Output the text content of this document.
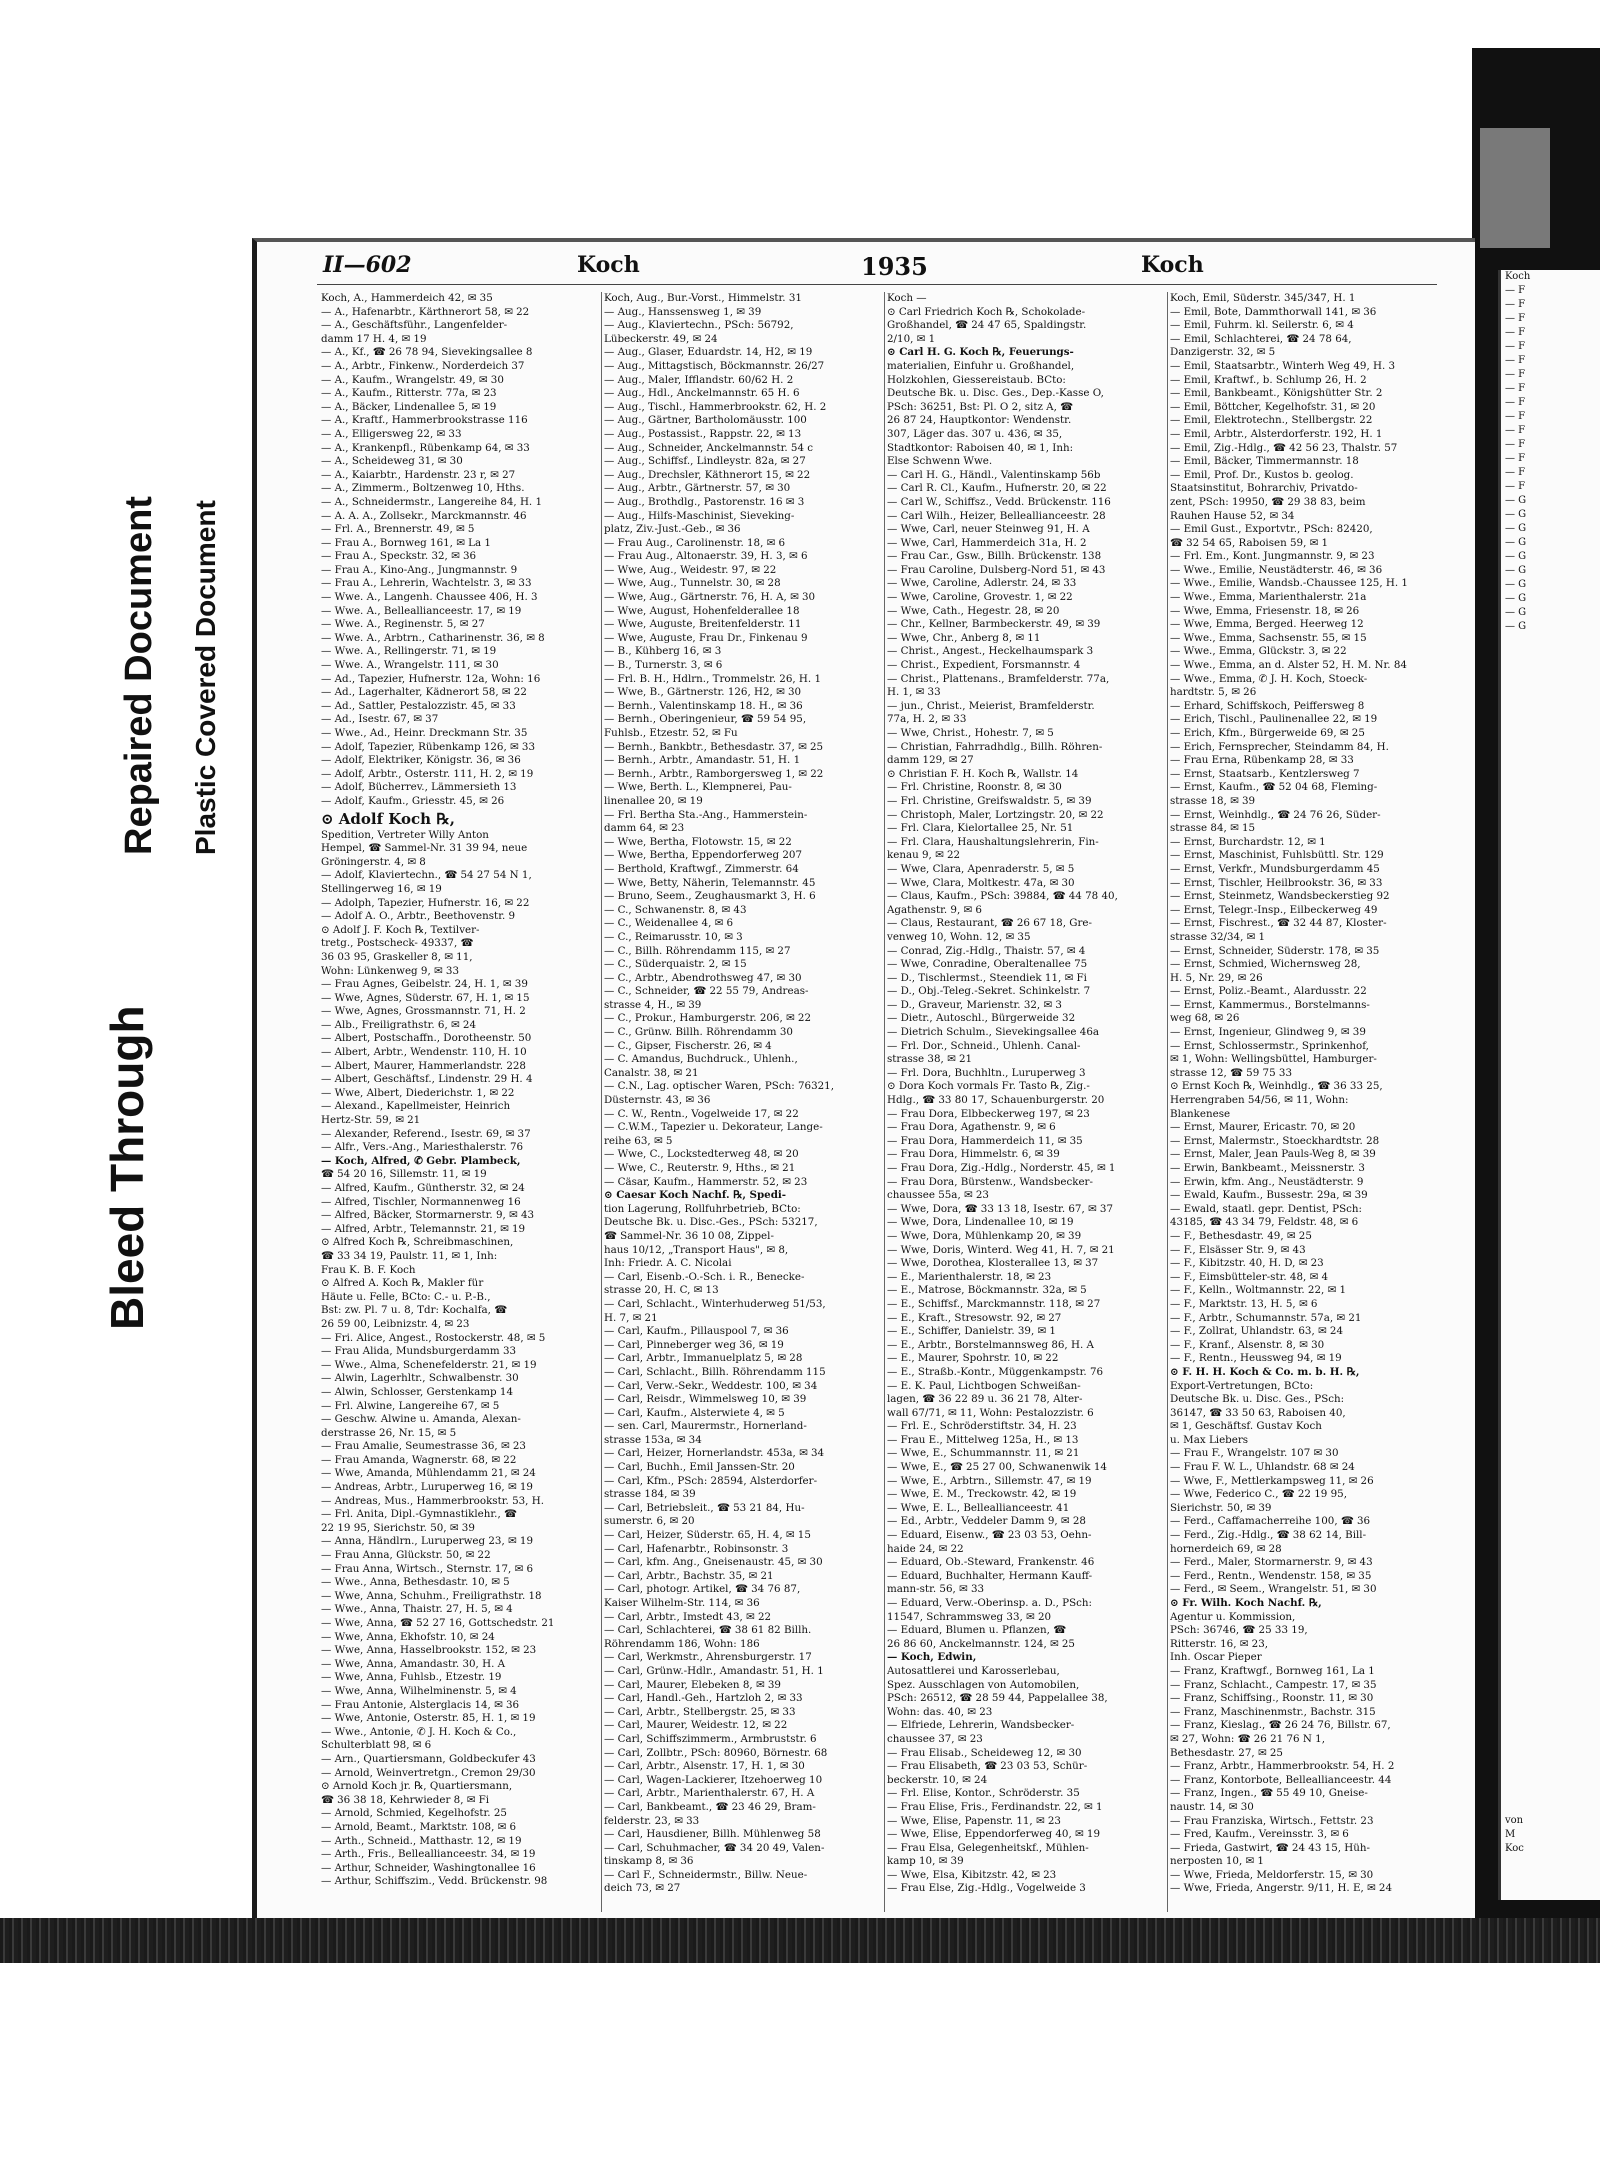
Bleed Through
Repaired Document Plastic Covered Document
Koch
— F
— F
— F
— F
— F
— F
— F
— F
— F
— F
— F
— F
— F
— F
— F
— G
— G
— G
— G
— G
— G
— G
— G
— G
— G
von
M
Koc
II—602	Koch	1935	Koch
Koch, A., Hammerdeich 42, ✉ 35
— A., Hafenarbtr., Kärthnerort 58, ✉ 22
— A., Geschäftsführ., Langenfelder-
damm 17 H. 4, ✉ 19
— A., Kf., ☎ 26 78 94, Sievekingsallee 8
— A., Arbtr., Finkenw., Norderdeich 37
— A., Kaufm., Wrangelstr. 49, ✉ 30
— A., Kaufm., Ritterstr. 77a, ✉ 23
— A., Bäcker, Lindenallee 5, ✉ 19
— A., Kraftf., Hammerbrookstrasse 116
— A., Elligersweg 22, ✉ 33
— A., Krankenpfl., Rübenkamp 64, ✉ 33
— A., Scheideweg 31, ✉ 30
— A., Kaiarbtr., Hardenstr. 23 r, ✉ 27
— A., Zimmerm., Boltzenweg 10, Hths.
— A., Schneidermstr., Langereihe 84, H. 1
— A. A. A., Zollsekr., Marckmannstr. 46
— Frl. A., Brennerstr. 49, ✉ 5
— Frau A., Bornweg 161, ✉ La 1
— Frau A., Speckstr. 32, ✉ 36
— Frau A., Kino-Ang., Jungmannstr. 9
— Frau A., Lehrerin, Wachtelstr. 3, ✉ 33
— Wwe. A., Langenh. Chaussee 406, H. 3
— Wwe. A., Belleallianceestr. 17, ✉ 19
— Wwe. A., Reginenstr. 5, ✉ 27
— Wwe. A., Arbtrn., Catharinenstr. 36, ✉ 8
— Wwe. A., Rellingerstr. 71, ✉ 19
— Wwe. A., Wrangelstr. 111, ✉ 30
— Ad., Tapezier, Hufnerstr. 12a, Wohn: 16
— Ad., Lagerhalter, Kädnerort 58, ✉ 22
— Ad., Sattler, Pestalozzistr. 45, ✉ 33
— Ad., Isestr. 67, ✉ 37
— Wwe., Ad., Heinr. Dreckmann Str. 35
— Adolf, Tapezier, Rübenkamp 126, ✉ 33
— Adolf, Elektriker, Königstr. 36, ✉ 36
— Adolf, Arbtr., Osterstr. 111, H. 2, ✉ 19
— Adolf, Bücherrev., Lämmersieth 13
— Adolf, Kaufm., Griesstr. 45, ✉ 26
⊙ Adolf Koch ℞,
Spedition, Vertreter Willy Anton
Hempel, ☎ Sammel-Nr. 31 39 94, neue
Gröningerstr. 4, ✉ 8
— Adolf, Klaviertechn., ☎ 54 27 54 N 1,
Stellingerweg 16, ✉ 19
— Adolph, Tapezier, Hufnerstr. 16, ✉ 22
— Adolf A. O., Arbtr., Beethovenstr. 9
⊙ Adolf J. F. Koch ℞, Textilver-
tretg., Postscheck- 49337, ☎
36 03 95, Graskeller 8, ✉ 11,
Wohn: Lünkenweg 9, ✉ 33
— Frau Agnes, Geibelstr. 24, H. 1, ✉ 39
— Wwe, Agnes, Süderstr. 67, H. 1, ✉ 15
— Wwe, Agnes, Grossmannstr. 71, H. 2
— Alb., Freiligrathstr. 6, ✉ 24
— Albert, Postschaffn., Dorotheenstr. 50
— Albert, Arbtr., Wendenstr. 110, H. 10
— Albert, Maurer, Hammerlandstr. 228
— Albert, Geschäftsf., Lindenstr. 29 H. 4
— Wwe, Albert, Diederichstr. 1, ✉ 22
— Alexand., Kapellmeister, Heinrich
Hertz-Str. 59, ✉ 21
— Alexander, Referend., Isestr. 69, ✉ 37
— Alfr., Vers.-Ang., Mariesthalerstr. 76
— Koch, Alfred, ✆ Gebr. Plambeck,
☎ 54 20 16, Sillemstr. 11, ✉ 19
— Alfred, Kaufm., Güntherstr. 32, ✉ 24
— Alfred, Tischler, Normannenweg 16
— Alfred, Bäcker, Stormarnerstr. 9, ✉ 43
— Alfred, Arbtr., Telemannstr. 21, ✉ 19
⊙ Alfred Koch ℞, Schreibmaschinen,
☎ 33 34 19, Paulstr. 11, ✉ 1, Inh:
Frau K. B. F. Koch
⊙ Alfred A. Koch ℞, Makler für
Häute u. Felle, BCto: C.- u. P.-B.,
Bst: zw. Pl. 7 u. 8, Tdr: Kochalfa, ☎
26 59 00, Leibnizstr. 4, ✉ 23
— Fri. Alice, Angest., Rostockerstr. 48, ✉ 5
— Frau Alida, Mundsburgerdamm 33
— Wwe., Alma, Schenefelderstr. 21, ✉ 19
— Alwin, Lagerhltr., Schwalbenstr. 30
— Alwin, Schlosser, Gerstenkamp 14
— Frl. Alwine, Langereihe 67, ✉ 5
— Geschw. Alwine u. Amanda, Alexan-
derstrasse 26, Nr. 15, ✉ 5
— Frau Amalie, Seumestrasse 36, ✉ 23
— Frau Amanda, Wagnerstr. 68, ✉ 22
— Wwe, Amanda, Mühlendamm 21, ✉ 24
— Andreas, Arbtr., Luruperweg 16, ✉ 19
— Andreas, Mus., Hammerbrookstr. 53, H.
— Frl. Anita, Dipl.-Gymnastiklehr., ☎
22 19 95, Sierichstr. 50, ✉ 39
— Anna, Händlrn., Luruperweg 23, ✉ 19
— Frau Anna, Glückstr. 50, ✉ 22
— Frau Anna, Wirtsch., Sternstr. 17, ✉ 6
— Wwe., Anna, Bethesdastr. 10, ✉ 5
— Wwe, Anna, Schuhm., Freiligrathstr. 18
— Wwe., Anna, Thaistr. 27, H. 5, ✉ 4
— Wwe, Anna, ☎ 52 27 16, Gottschedstr. 21
— Wwe, Anna, Ekhofstr. 10, ✉ 24
— Wwe, Anna, Hasselbrookstr. 152, ✉ 23
— Wwe, Anna, Amandastr. 30, H. A
— Wwe, Anna, Fuhlsb., Etzestr. 19
— Wwe, Anna, Wilhelminenstr. 5, ✉ 4
— Frau Antonie, Alsterglacis 14, ✉ 36
— Wwe, Antonie, Osterstr. 85, H. 1, ✉ 19
— Wwe., Antonie, ✆ J. H. Koch & Co.,
Schulterblatt 98, ✉ 6
— Arn., Quartiersmann, Goldbeckufer 43
— Arnold, Weinvertretgn., Cremon 29/30
⊙ Arnold Koch jr. ℞, Quartiersmann,
☎ 36 38 18, Kehrwieder 8, ✉ Fi
— Arnold, Schmied, Kegelhofstr. 25
— Arnold, Beamt., Marktstr. 108, ✉ 6
— Arth., Schneid., Matthastr. 12, ✉ 19
— Arth., Fris., Belleallianceestr. 34, ✉ 19
— Arthur, Schneider, Washingtonallee 16
— Arthur, Schiffszim., Vedd. Brückenstr. 98
Koch, Aug., Bur.-Vorst., Himmelstr. 31
— Aug., Hanssensweg 1, ✉ 39
— Aug., Klaviertechn., PSch: 56792,
Lübeckerstr. 49, ✉ 24
— Aug., Glaser, Eduardstr. 14, H2, ✉ 19
— Aug., Mittagstisch, Böckmannstr. 26/27
— Aug., Maler, Ifflandstr. 60/62 H. 2
— Aug., Hdl., Anckelmannstr. 65 H. 6
— Aug., Tischl., Hammerbrookstr. 62, H. 2
— Aug., Gärtner, Bartholomäusstr. 100
— Aug., Postassist., Rappstr. 22, ✉ 13
— Aug., Schneider, Anckelmannstr. 54 c
— Aug., Schiffsf., Lindleystr. 82a, ✉ 27
— Aug., Drechsler, Käthnerort 15, ✉ 22
— Aug., Arbtr., Gärtnerstr. 57, ✉ 30
— Aug., Brothdlg., Pastorenstr. 16 ✉ 3
— Aug., Hilfs-Maschinist, Sieveking-
platz, Ziv.-Just.-Geb., ✉ 36
— Frau Aug., Carolinenstr. 18, ✉ 6
— Frau Aug., Altonaerstr. 39, H. 3, ✉ 6
— Wwe, Aug., Weidestr. 97, ✉ 22
— Wwe, Aug., Tunnelstr. 30, ✉ 28
— Wwe, Aug., Gärtnerstr. 76, H. A, ✉ 30
— Wwe, August, Hohenfelderallee 18
— Wwe, Auguste, Breitenfelderstr. 11
— Wwe, Auguste, Frau Dr., Finkenau 9
— B., Kühberg 16, ✉ 3
— B., Turnerstr. 3, ✉ 6
— Frl. B. H., Hdlrn., Trommelstr. 26, H. 1
— Wwe, B., Gärtnerstr. 126, H2, ✉ 30
— Bernh., Valentinskamp 18. H., ✉ 36
— Bernh., Oberingenieur, ☎ 59 54 95,
Fuhlsb., Etzestr. 52, ✉ Fu
— Bernh., Bankbtr., Bethesdastr. 37, ✉ 25
— Bernh., Arbtr., Amandastr. 51, H. 1
— Bernh., Arbtr., Ramborgersweg 1, ✉ 22
— Wwe, Berth. L., Klempnerei, Pau-
linenallee 20, ✉ 19
— Frl. Bertha Sta.-Ang., Hammerstein-
damm 64, ✉ 23
— Wwe, Bertha, Flotowstr. 15, ✉ 22
— Wwe, Bertha, Eppendorferweg 207
— Berthold, Kraftwgf., Zimmerstr. 64
— Wwe, Betty, Näherin, Telemannstr. 45
— Bruno, Seem., Zeughausmarkt 3, H. 6
— C., Schwanenstr. 8, ✉ 43
— C., Weidenallee 4, ✉ 6
— C., Reimarusstr. 10, ✉ 3
— C., Billh. Röhrendamm 115, ✉ 27
— C., Süderquaistr. 2, ✉ 15
— C., Arbtr., Abendrothsweg 47, ✉ 30
— C., Schneider, ☎ 22 55 79, Andreas-
strasse 4, H., ✉ 39
— C., Prokur., Hamburgerstr. 206, ✉ 22
— C., Grünw. Billh. Röhrendamm 30
— C., Gipser, Fischerstr. 26, ✉ 4
— C. Amandus, Buchdruck., Uhlenh.,
Canalstr. 38, ✉ 21
— C.N., Lag. optischer Waren, PSch: 76321,
Düsternstr. 43, ✉ 36
— C. W., Rentn., Vogelweide 17, ✉ 22
— C.W.M., Tapezier u. Dekorateur, Lange-
reihe 63, ✉ 5
— Wwe, C., Lockstedterweg 48, ✉ 20
— Wwe, C., Reuterstr. 9, Hths., ✉ 21
— Cäsar, Kaufm., Hammerstr. 52, ✉ 23
⊙ Caesar Koch Nachf. ℞, Spedi-
tion Lagerung, Rollfuhrbetrieb, BCto:
Deutsche Bk. u. Disc.-Ges., PSch: 53217,
☎ Sammel-Nr. 36 10 08, Zippel-
haus 10/12, „Transport Haus", ✉ 8,
Inh: Friedr. A. C. Nicolai
— Carl, Eisenb.-O.-Sch. i. R., Benecke-
strasse 20, H. C, ✉ 13
— Carl, Schlacht., Winterhuderweg 51/53,
H. 7, ✉ 21
— Carl, Kaufm., Pillauspool 7, ✉ 36
— Carl, Pinneberger weg 36, ✉ 19
— Carl, Arbtr., Immanuelplatz 5, ✉ 28
— Carl, Schlacht., Billh. Röhrendamm 115
— Carl, Verw.-Sekr., Weddestr. 100, ✉ 34
— Carl, Reisdr., Wimmelsweg 10, ✉ 39
— Carl, Kaufm., Alsterwiete 4, ✉ 5
— sen. Carl, Maurermstr., Hornerland-
strasse 153a, ✉ 34
— Carl, Heizer, Hornerlandstr. 453a, ✉ 34
— Carl, Buchh., Emil Janssen-Str. 20
— Carl, Kfm., PSch: 28594, Alsterdorfer-
strasse 184, ✉ 39
— Carl, Betriebsleit., ☎ 53 21 84, Hu-
sumerstr. 6, ✉ 20
— Carl, Heizer, Süderstr. 65, H. 4, ✉ 15
— Carl, Hafenarbtr., Robinsonstr. 3
— Carl, kfm. Ang., Gneisenaustr. 45, ✉ 30
— Carl, Arbtr., Bachstr. 35, ✉ 21
— Carl, photogr. Artikel, ☎ 34 76 87,
Kaiser Wilhelm-Str. 114, ✉ 36
— Carl, Arbtr., Imstedt 43, ✉ 22
— Carl, Schlachterei, ☎ 38 61 82 Billh.
Röhrendamm 186, Wohn: 186
— Carl, Werkmstr., Ahrensburgerstr. 17
— Carl, Grünw.-Hdlr., Amandastr. 51, H. 1
— Carl, Maurer, Elebeken 8, ✉ 39
— Carl, Handl.-Geh., Hartzloh 2, ✉ 33
— Carl, Arbtr., Stellbergstr. 25, ✉ 33
— Carl, Maurer, Weidestr. 12, ✉ 22
— Carl, Schiffszimmerm., Armbruststr. 6
— Carl, Zollbtr., PSch: 80960, Börnestr. 68
— Carl, Arbtr., Alsenstr. 17, H. 1, ✉ 30
— Carl, Wagen-Lackierer, Itzehoerweg 10
— Carl, Arbtr., Marienthalerstr. 67, H. A
— Carl, Bankbeamt., ☎ 23 46 29, Bram-
felderstr. 23, ✉ 33
— Carl, Hausdiener, Billh. Mühlenweg 58
— Carl, Schuhmacher, ☎ 34 20 49, Valen-
tinskamp 8, ✉ 36
— Carl F., Schneidermstr., Billw. Neue-
deich 73, ✉ 27
Koch —
⊙ Carl Friedrich Koch ℞, Schokolade-
Großhandel, ☎ 24 47 65, Spaldingstr.
2/10, ✉ 1
⊙ Carl H. G. Koch ℞, Feuerungs-
materialien, Einfuhr u. Großhandel,
Holzkohlen, Giessereistaub. BCto:
Deutsche Bk. u. Disc. Ges., Dep.-Kasse O,
PSch: 36251, Bst: Pl. O 2, sitz A, ☎
26 87 24, Hauptkontor: Wendenstr.
307, Läger das. 307 u. 436, ✉ 35,
Stadtkontor: Raboisen 40, ✉ 1, Inh:
Else Schwenn Wwe.
— Carl H. G., Händl., Valentinskamp 56b
— Carl R. Cl., Kaufm., Hufnerstr. 20, ✉ 22
— Carl W., Schiffsz., Vedd. Brückenstr. 116
— Carl Wilh., Heizer, Belleallianceestr. 28
— Wwe, Carl, neuer Steinweg 91, H. A
— Wwe, Carl, Hammerdeich 31a, H. 2
— Frau Car., Gsw., Billh. Brückenstr. 138
— Frau Caroline, Dulsberg-Nord 51, ✉ 43
— Wwe, Caroline, Adlerstr. 24, ✉ 33
— Wwe, Caroline, Grovestr. 1, ✉ 22
— Wwe, Cath., Hegestr. 28, ✉ 20
— Chr., Kellner, Barmbeckerstr. 49, ✉ 39
— Wwe, Chr., Anberg 8, ✉ 11
— Christ., Angest., Heckelhaumspark 3
— Christ., Expedient, Forsmannstr. 4
— Christ., Plattenans., Bramfelderstr. 77a,
H. 1, ✉ 33
— jun., Christ., Meierist, Bramfelderstr.
77a, H. 2, ✉ 33
— Wwe, Christ., Hohestr. 7, ✉ 5
— Christian, Fahrradhdlg., Billh. Röhren-
damm 129, ✉ 27
⊙ Christian F. H. Koch ℞, Wallstr. 14
— Frl. Christine, Roonstr. 8, ✉ 30
— Frl. Christine, Greifswaldstr. 5, ✉ 39
— Christoph, Maler, Lortzingstr. 20, ✉ 22
— Frl. Clara, Kielortallee 25, Nr. 51
— Frl. Clara, Haushaltungslehrerin, Fin-
kenau 9, ✉ 22
— Wwe, Clara, Apenraderstr. 5, ✉ 5
— Wwe, Clara, Moltkestr. 47a, ✉ 30
— Claus, Kaufm., PSch: 39884, ☎ 44 78 40,
Agathenstr. 9, ✉ 6
— Claus, Restaurant, ☎ 26 67 18, Gre-
venweg 10, Wohn. 12, ✉ 35
— Conrad, Zig.-Hdlg., Thaistr. 57, ✉ 4
— Wwe, Conradine, Oberaltenallee 75
— D., Tischlermst., Steendiek 11, ✉ Fi
— D., Obj.-Teleg.-Sekret. Schinkelstr. 7
— D., Graveur, Marienstr. 32, ✉ 3
— Dietr., Autoschl., Bürgerweide 32
— Dietrich Schulm., Sievekingsallee 46a
— Frl. Dor., Schneid., Uhlenh. Canal-
strasse 38, ✉ 21
— Frl. Dora, Buchhltn., Luruperweg 3
⊙ Dora Koch vormals Fr. Tasto ℞, Zig.-
Hdlg., ☎ 33 80 17, Schauenburgerstr. 20
— Frau Dora, Elbbeckerweg 197, ✉ 23
— Frau Dora, Agathenstr. 9, ✉ 6
— Frau Dora, Hammerdeich 11, ✉ 35
— Frau Dora, Himmelstr. 6, ✉ 39
— Frau Dora, Zig.-Hdlg., Norderstr. 45, ✉ 1
— Frau Dora, Bürstenw., Wandsbecker-
chaussee 55a, ✉ 23
— Wwe, Dora, ☎ 33 13 18, Isestr. 67, ✉ 37
— Wwe, Dora, Lindenallee 10, ✉ 19
— Wwe, Dora, Mühlenkamp 20, ✉ 39
— Wwe, Doris, Winterd. Weg 41, H. 7, ✉ 21
— Wwe, Dorothea, Klosterallee 13, ✉ 37
— E., Marienthalerstr. 18, ✉ 23
— E., Matrose, Böckmannstr. 32a, ✉ 5
— E., Schiffsf., Marckmannstr. 118, ✉ 27
— E., Kraft., Stresowstr. 92, ✉ 27
— E., Schiffer, Danielstr. 39, ✉ 1
— E., Arbtr., Borstelmannsweg 86, H. A
— E., Maurer, Spohrstr. 10, ✉ 22
— E., Straßb.-Kontr., Müggenkampstr. 76
— E. K. Paul, Lichtbogen Schweißan-
lagen, ☎ 36 22 89 u. 36 21 78, Alter-
wall 67/71, ✉ 11, Wohn: Pestalozzistr. 6
— Frl. E., Schröderstiftstr. 34, H. 23
— Frau E., Mittelweg 125a, H., ✉ 13
— Wwe, E., Schummannstr. 11, ✉ 21
— Wwe, E., ☎ 25 27 00, Schwanenwik 14
— Wwe, E., Arbtrn., Sillemstr. 47, ✉ 19
— Wwe, E. M., Treckowstr. 42, ✉ 19
— Wwe, E. L., Belleallianceestr. 41
— Ed., Arbtr., Veddeler Damm 9, ✉ 28
— Eduard, Eisenw., ☎ 23 03 53, Oehn-
haide 24, ✉ 22
— Eduard, Ob.-Steward, Frankenstr. 46
— Eduard, Buchhalter, Hermann Kauff-
mann-str. 56, ✉ 33
— Eduard, Verw.-Oberinsp. a. D., PSch:
11547, Schrammsweg 33, ✉ 20
— Eduard, Blumen u. Pflanzen, ☎
26 86 60, Anckelmannstr. 124, ✉ 25
— Koch, Edwin,
Autosattlerei und Karosserlebau,
Spez. Ausschlagen von Automobilen,
PSch: 26512, ☎ 28 59 44, Pappelallee 38,
Wohn: das. 40, ✉ 23
— Elfriede, Lehrerin, Wandsbecker-
chaussee 37, ✉ 23
— Frau Elisab., Scheideweg 12, ✉ 30
— Frau Elisabeth, ☎ 23 03 53, Schür-
beckerstr. 10, ✉ 24
— Frl. Elise, Kontor., Schröderstr. 35
— Frau Elise, Fris., Ferdinandstr. 22, ✉ 1
— Wwe, Elise, Papenstr. 11, ✉ 23
— Wwe, Elise, Eppendorferweg 40, ✉ 19
— Frau Elsa, Gelegenheitskf., Mühlen-
kamp 10, ✉ 39
— Wwe, Elsa, Kibitzstr. 42, ✉ 23
— Frau Else, Zig.-Hdlg., Vogelweide 3
Koch, Emil, Süderstr. 345/347, H. 1
— Emil, Bote, Dammthorwall 141, ✉ 36
— Emil, Fuhrm. kl. Seilerstr. 6, ✉ 4
— Emil, Schlachterei, ☎ 24 78 64,
Danzigerstr. 32, ✉ 5
— Emil, Staatsarbtr., Winterh Weg 49, H. 3
— Emil, Kraftwf., b. Schlump 26, H. 2
— Emil, Bankbeamt., Königshütter Str. 2
— Emil, Böttcher, Kegelhofstr. 31, ✉ 20
— Emil, Elektrotechn., Stellbergstr. 22
— Emil, Arbtr., Alsterdorferstr. 192, H. 1
— Emil, Zig.-Hdlg., ☎ 42 56 23, Thalstr. 57
— Emil, Bäcker, Timmermannstr. 18
— Emil, Prof. Dr., Kustos b. geolog.
Staatsinstitut, Bohrarchiv, Privatdo-
zent, PSch: 19950, ☎ 29 38 83, beim
Rauhen Hause 52, ✉ 34
— Emil Gust., Exportvtr., PSch: 82420,
☎ 32 54 65, Raboisen 59, ✉ 1
— Frl. Em., Kont. Jungmannstr. 9, ✉ 23
— Wwe., Emilie, Neustädterstr. 46, ✉ 36
— Wwe., Emilie, Wandsb.-Chaussee 125, H. 1
— Wwe., Emma, Marienthalerstr. 21a
— Wwe, Emma, Friesenstr. 18, ✉ 26
— Wwe, Emma, Berged. Heerweg 12
— Wwe., Emma, Sachsenstr. 55, ✉ 15
— Wwe., Emma, Glückstr. 3, ✉ 22
— Wwe., Emma, an d. Alster 52, H. M. Nr. 84
— Wwe., Emma, ✆ J. H. Koch, Stoeck-
hardtstr. 5, ✉ 26
— Erhard, Schiffskoch, Peiffersweg 8
— Erich, Tischl., Paulinenallee 22, ✉ 19
— Erich, Kfm., Bürgerweide 69, ✉ 25
— Erich, Fernsprecher, Steindamm 84, H.
— Frau Erna, Rübenkamp 28, ✉ 33
— Ernst, Staatsarb., Kentzlersweg 7
— Ernst, Kaufm., ☎ 52 04 68, Fleming-
strasse 18, ✉ 39
— Ernst, Weinhdlg., ☎ 24 76 26, Süder-
strasse 84, ✉ 15
— Ernst, Burchardstr. 12, ✉ 1
— Ernst, Maschinist, Fuhlsbüttl. Str. 129
— Ernst, Verkfr., Mundsburgerdamm 45
— Ernst, Tischler, Heilbrookstr. 36, ✉ 33
— Ernst, Steinmetz, Wandsbeckerstieg 92
— Ernst, Telegr.-Insp., Eilbeckerweg 49
— Ernst, Fischrest., ☎ 32 44 87, Kloster-
strasse 32/34, ✉ 1
— Ernst, Schneider, Süderstr. 178, ✉ 35
— Ernst, Schmied, Wichernsweg 28,
H. 5, Nr. 29, ✉ 26
— Ernst, Poliz.-Beamt., Alardusstr. 22
— Ernst, Kammermus., Borstelmanns-
weg 68, ✉ 26
— Ernst, Ingenieur, Glindweg 9, ✉ 39
— Ernst, Schlossermstr., Sprinkenhof,
✉ 1, Wohn: Wellingsbüttel, Hamburger-
strasse 12, ☎ 59 75 33
⊙ Ernst Koch ℞, Weinhdlg., ☎ 36 33 25,
Herrengraben 54/56, ✉ 11, Wohn:
Blankenese
— Ernst, Maurer, Ericastr. 70, ✉ 20
— Ernst, Malermstr., Stoeckhardtstr. 28
— Ernst, Maler, Jean Pauls-Weg 8, ✉ 39
— Erwin, Bankbeamt., Meissnerstr. 3
— Erwin, kfm. Ang., Neustädterstr. 9
— Ewald, Kaufm., Bussestr. 29a, ✉ 39
— Ewald, staatl. gepr. Dentist, PSch:
43185, ☎ 43 34 79, Feldstr. 48, ✉ 6
— F., Bethesdastr. 49, ✉ 25
— F., Elsässer Str. 9, ✉ 43
— F., Kibitzstr. 40, H. D, ✉ 23
— F., Eimsbütteler-str. 48, ✉ 4
— F., Kelln., Woltmannstr. 22, ✉ 1
— F., Marktstr. 13, H. 5, ✉ 6
— F., Arbtr., Schumannstr. 57a, ✉ 21
— F., Zollrat, Uhlandstr. 63, ✉ 24
— F., Kranf., Alsenstr. 8, ✉ 30
— F., Rentn., Heussweg 94, ✉ 19
⊙ F. H. H. Koch & Co. m. b. H. ℞,
Export-Vertretungen, BCto:
Deutsche Bk. u. Disc. Ges., PSch:
36147, ☎ 33 50 63, Raboisen 40,
✉ 1, Geschäftsf. Gustav Koch
u. Max Liebers
— Frau F., Wrangelstr. 107 ✉ 30
— Frau F. W. L., Uhlandstr. 68 ✉ 24
— Wwe, F., Mettlerkampsweg 11, ✉ 26
— Wwe, Federico C., ☎ 22 19 95,
Sierichstr. 50, ✉ 39
— Ferd., Caffamacherreihe 100, ☎ 36
— Ferd., Zig.-Hdlg., ☎ 38 62 14, Bill-
hornerdeich 69, ✉ 28
— Ferd., Maler, Stormarnerstr. 9, ✉ 43
— Ferd., Rentn., Wendenstr. 158, ✉ 35
— Ferd., ✉ Seem., Wrangelstr. 51, ✉ 30
⊙ Fr. Wilh. Koch Nachf. ℞,
Agentur u. Kommission,
PSch: 36746, ☎ 25 33 19,
Ritterstr. 16, ✉ 23,
Inh. Oscar Pieper
— Franz, Kraftwgf., Bornweg 161, La 1
— Franz, Schlacht., Campestr. 17, ✉ 35
— Franz, Schiffsing., Roonstr. 11, ✉ 30
— Franz, Maschinenmstr., Bachstr. 315
— Franz, Kieslag., ☎ 26 24 76, Billstr. 67,
✉ 27, Wohn: ☎ 26 21 76 N 1,
Bethesdastr. 27, ✉ 25
— Franz, Arbtr., Hammerbrookstr. 54, H. 2
— Franz, Kontorbote, Belleallianceestr. 44
— Franz, Ingen., ☎ 55 49 10, Gneise-
naustr. 14, ✉ 30
— Frau Franziska, Wirtsch., Fettstr. 23
— Fred, Kaufm., Vereinsstr. 3, ✉ 6
— Frieda, Gastwirt, ☎ 24 43 15, Hüh-
nerposten 10, ✉ 1
— Wwe, Frieda, Meldorferstr. 15, ✉ 30
— Wwe, Frieda, Angerstr. 9/11, H. E, ✉ 24
